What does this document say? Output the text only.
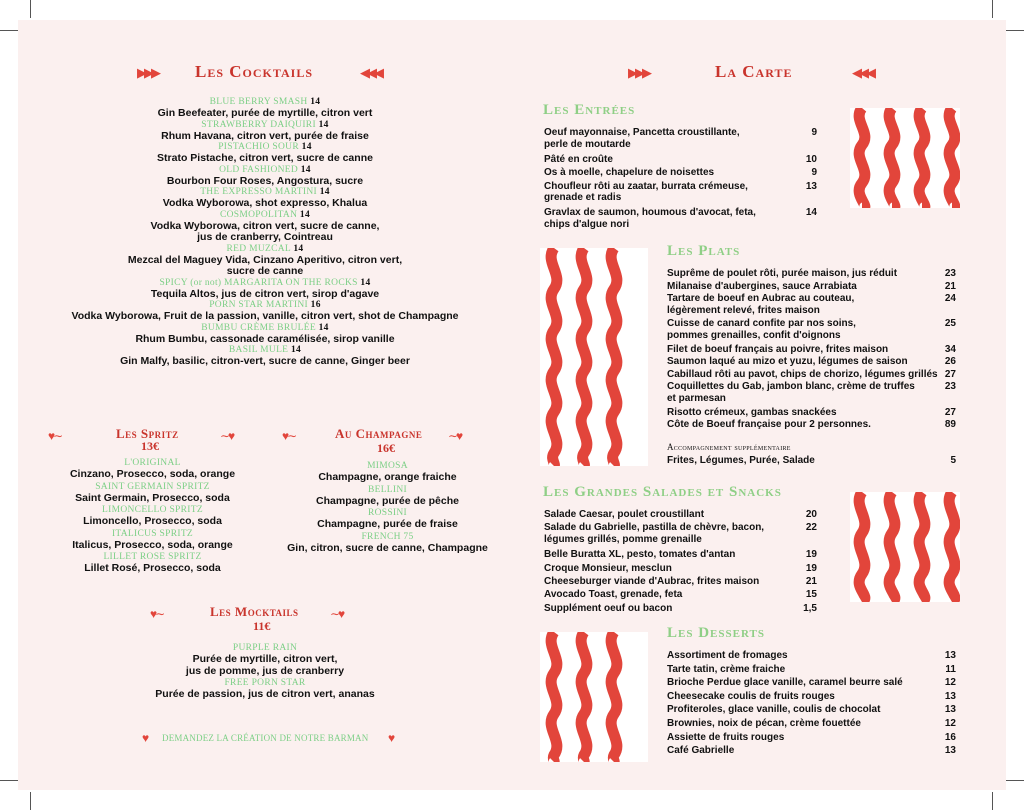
▶▶▶ Les Cocktails	◀◀◀
BLUE BERRY SMASH 14
Gin Beefeater, purée de myrtille, citron vert
STRAWBERRY DAIQUIRI 14
Rhum Havana, citron vert, purée de fraise
PISTACHIO SOUR 14
Strato Pistache, citron vert, sucre de canne
OLD FASHIONED 14
Bourbon Four Roses, Angostura, sucre
THE EXPRESSO MARTINI 14
Vodka Wyborowa, shot expresso, Khalua
COSMOPOLITAN 14
Vodka Wyborowa, citron vert, sucre de canne,
jus de cranberry, Cointreau
RED MUZCAL 14
Mezcal del Maguey Vida, Cinzano Aperitivo, citron vert,
sucre de canne
SPICY (or not) MARGARITA ON THE ROCKS 14
Tequila Altos, jus de citron vert, sirop d'agave
PORN STAR MARTINI 16
Vodka Wyborowa, Fruit de la passion, vanille, citron vert, shot de Champagne
BUMBU CRÈME BRULÉE 14
Rhum Bumbu, cassonade caramélisée, sirop vanille
BASIL MULE 14
Gin Malfy, basilic, citron-vert, sucre de canne, Ginger beer
♥∼	Les Spritz	∼♥
13€
L'ORIGINAL
Cinzano, Prosecco, soda, orange
SAINT GERMAIN SPRITZ
Saint Germain, Prosecco, soda
LIMONCELLO SPRITZ
Limoncello, Prosecco, soda
ITALICUS SPRITZ
Italicus, Prosecco, soda, orange
LILLET ROSE SPRITZ
Lillet Rosé, Prosecco, soda
♥∼	Au Champagne ∼♥
16€
MIMOSA
Champagne, orange fraiche
BELLINI
Champagne, purée de pêche
ROSSINI
Champagne, purée de fraise
FRENCH 75
Gin, citron, sucre de canne, Champagne
♥∼	Les Mocktails	∼♥
11€
PURPLE RAIN
Purée de myrtille, citron vert,
jus de pomme, jus de cranberry
FREE PORN STAR
Purée de passion, jus de citron vert, ananas
♥ DEMANDEZ LA CRÉATION DE NOTRE BARMAN ♥
▶▶▶	La Carte	◀◀◀
Les Entrées
Les Plats
Les Grandes Salades et Snacks
Les Desserts
Oeuf mayonnaise, Pancetta croustillante,
perle de moutarde
9
Pâté en croûte	10
Os à moelle, chapelure de noisettes	9
Choufleur rôti au zaatar, burrata crémeuse,
grenade et radis
13
Gravlax de saumon, houmous d'avocat, feta,
chips d'algue nori
14
Suprême de poulet rôti, purée maison, jus réduit	23
Milanaise d'aubergines, sauce Arrabiata	21
Tartare de boeuf en Aubrac au couteau,
légèrement relevé, frites maison
24
Cuisse de canard confite par nos soins,
pommes grenailles, confit d'oignons
25
Filet de boeuf français au poivre, frites maison	34
Saumon laqué au mizo et yuzu, légumes de saison	26
Cabillaud rôti au pavot, chips de chorizo, légumes grillés 27
Coquillettes du Gab, jambon blanc, crème de truffes
et parmesan
23
Risotto crémeux, gambas snackées	27
Côte de Boeuf française pour 2 personnes.	89
Salade Caesar, poulet croustillant	20
Salade du Gabrielle, pastilla de chèvre, bacon,
légumes grillés, pomme grenaille
22
Belle Buratta XL, pesto, tomates d'antan	19
Croque Monsieur, mesclun	19
Cheeseburger viande d'Aubrac, frites maison	21
Avocado Toast, grenade, feta	15
Supplément oeuf ou bacon	1,5
Assortiment de fromages	13
Tarte tatin, crème fraiche	11
Brioche Perdue glace vanille, caramel beurre salé	12
Cheesecake coulis de fruits rouges	13
Profiteroles, glace vanille, coulis de chocolat	13
Brownies, noix de pécan, crème fouettée	12
Assiette de fruits rouges	16
Café Gabrielle	13
Accompagnement supplémentaire
Frites, Légumes, Purée, Salade	5
